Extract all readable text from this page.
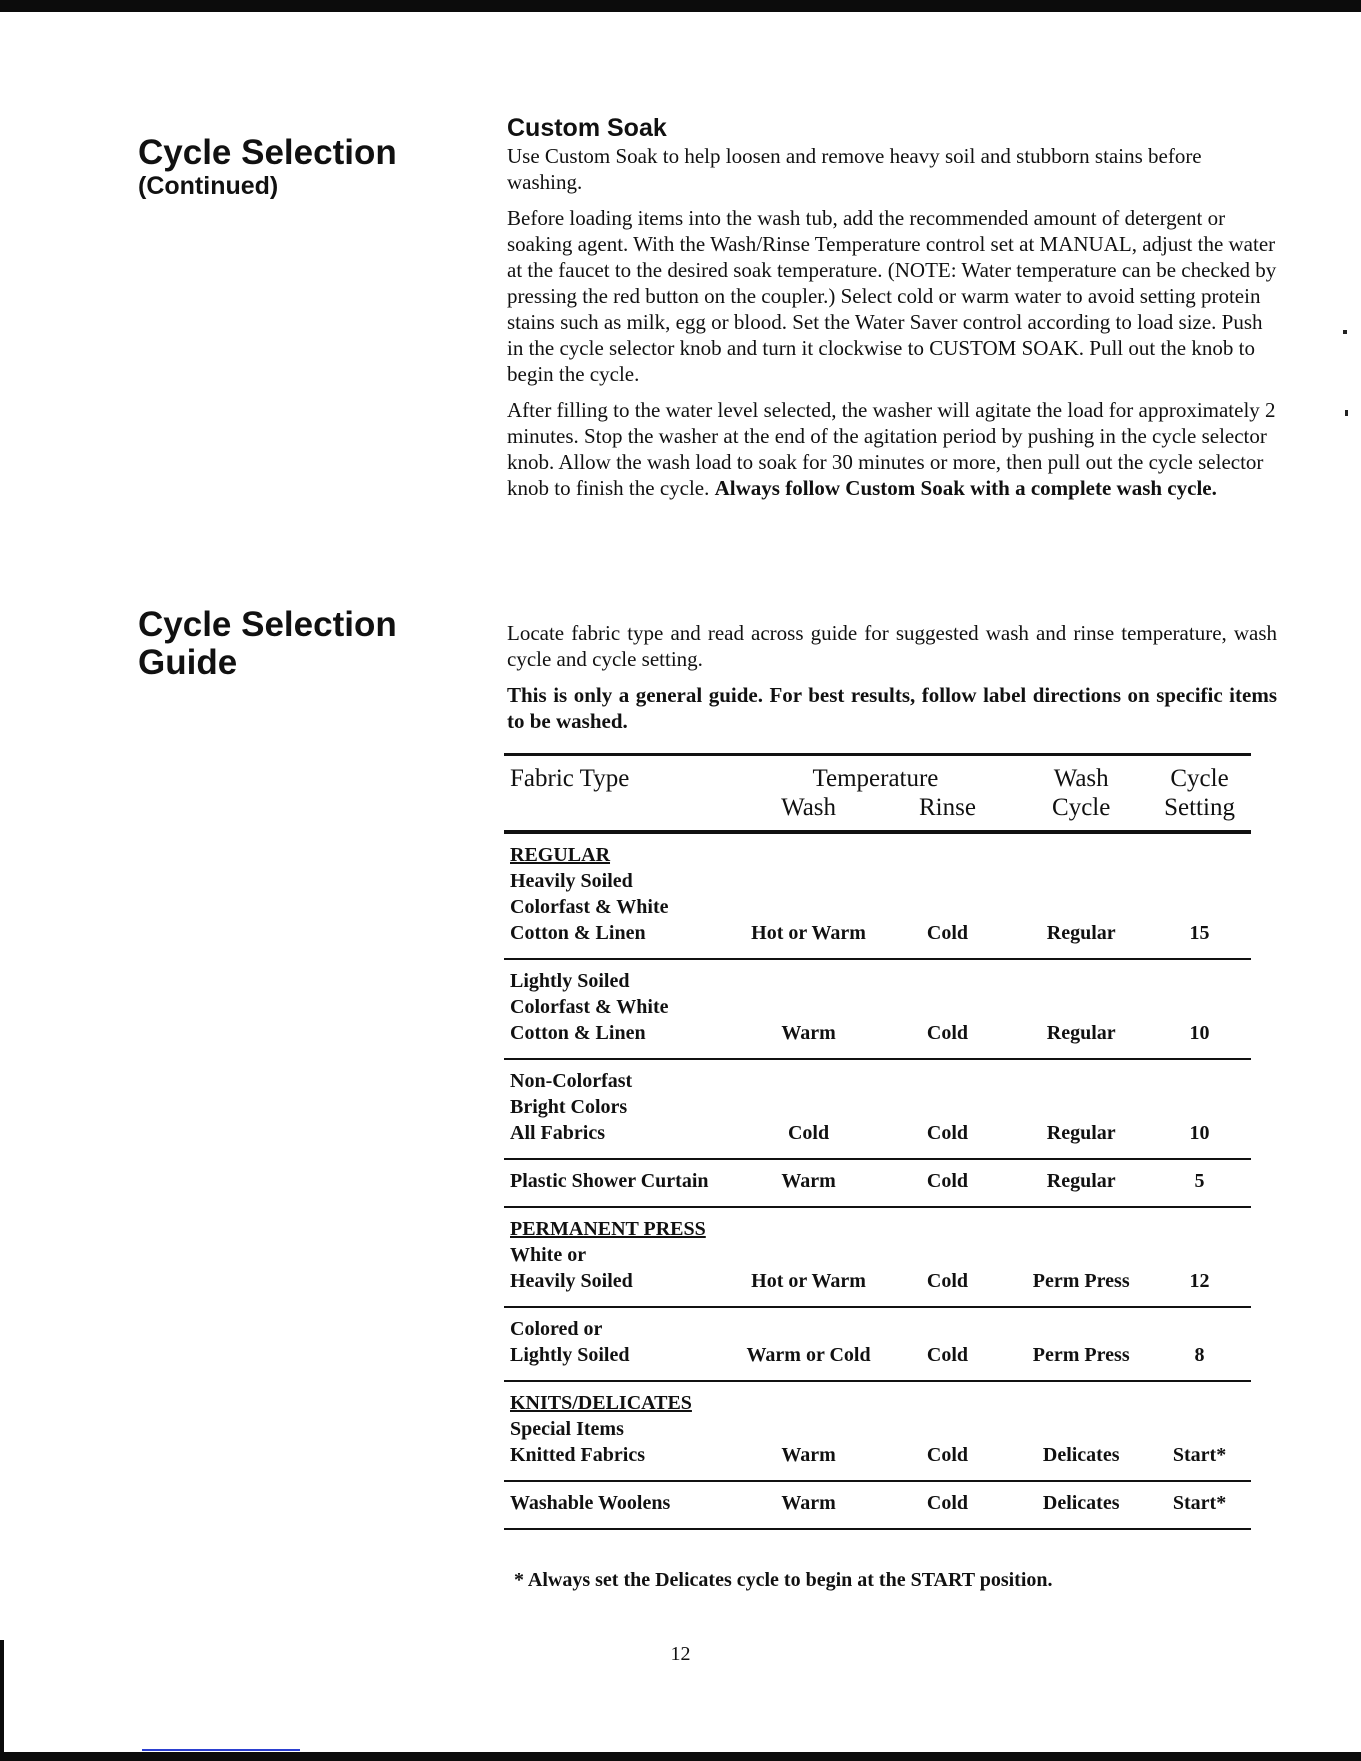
Cycle Selection
(Continued)
Cycle Selection
Guide
Custom Soak

Use Custom Soak to help loosen and remove heavy soil and stubborn stains before washing.

Before loading items into the wash tub, add the recommended amount of detergent or soaking agent. With the Wash/Rinse Temperature control set at MANUAL, adjust the water at the faucet to the desired soak temperature. (NOTE: Water temperature can be checked by pressing the red button on the coupler.) Select cold or warm water to avoid setting protein stains such as milk, egg or blood. Set the Water Saver control according to load size. Push in the cycle selector knob and turn it clockwise to CUSTOM SOAK. Pull out the knob to begin the cycle.

After filling to the water level selected, the washer will agitate the load for approximately 2 minutes. Stop the washer at the end of the agitation period by pushing in the cycle selector knob. Allow the wash load to soak for 30 minutes or more, then pull out the cycle selector knob to finish the cycle. Always follow Custom Soak with a complete wash cycle.

Locate fabric type and read across guide for suggested wash and rinse temperature, wash cycle and cycle setting.

This is only a general guide. For best results, follow label directions on specific items to be washed.

Fabric Type	Temperature		Wash	Cycle
	Wash	Rinse	Cycle	Setting

REGULAR
Heavily Soiled
Colorfast & White
Cotton & Linen	Hot or Warm	Cold	Regular	15

Lightly Soiled
Colorfast & White
Cotton & Linen	Warm	Cold	Regular	10

Non-Colorfast
Bright Colors
All Fabrics	Cold	Cold	Regular	10

Plastic Shower Curtain	Warm	Cold	Regular	5

PERMANENT PRESS
White or
Heavily Soiled	Hot or Warm	Cold	Perm Press	12

Colored or
Lightly Soiled	Warm or Cold	Cold	Perm Press	8

KNITS/DELICATES
Special Items
Knitted Fabrics	Warm	Cold	Delicates	Start*

Washable Woolens	Warm	Cold	Delicates	Start*
* Always set the Delicates cycle to begin at the START position.
12
